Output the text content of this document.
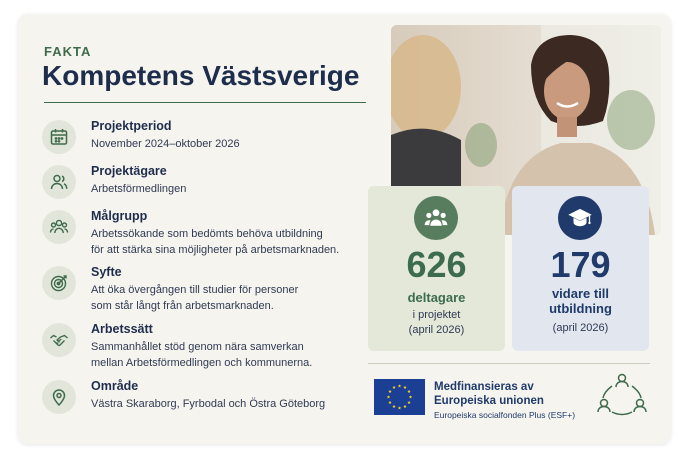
FAKTA
Kompetens Västsverige
Projektperiod
November 2024–oktober 2026
Projektägare
Arbetsförmedlingen
Målgrupp
Arbetssökande som bedömts behöva utbildning
för att stärka sina möjligheter på arbetsmarknaden.
Syfte
Att öka övergången till studier för personer
som står långt från arbetsmarknaden.
Arbetssätt
Sammanhållet stöd genom nära samverkan
mellan Arbetsförmedlingen och kommunerna.
Område
Västra Skaraborg, Fyrbodal och Östra Göteborg
626
deltagare
i projektet
(april 2026)
179
vidare till
utbildning
(april 2026)
Medfinansieras av
Europeiska unionen
Europeiska socialfonden Plus (ESF+)
